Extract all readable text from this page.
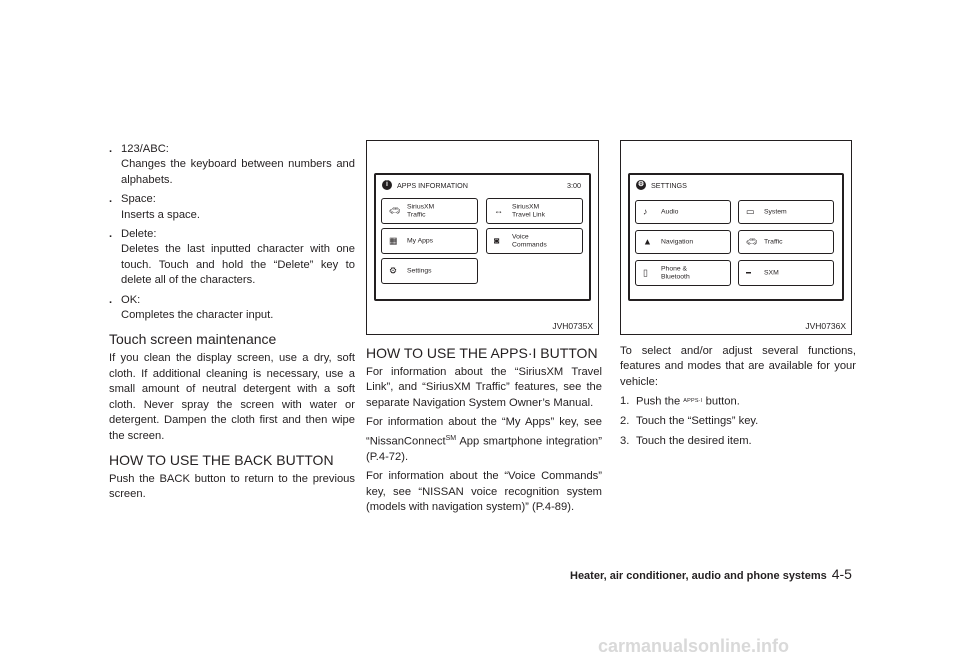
. 123/ABC:
Changes the keyboard between numbers and alphabets.
. Space:
Inserts a space.
. Delete:
Deletes the last inputted character with one touch. Touch and hold the “Delete” key to delete all of the characters.
. OK:
Completes the character input.
Touch screen maintenance

If you clean the display screen, use a dry, soft cloth. If additional cleaning is necessary, use a small amount of neutral detergent with a soft cloth. Never spray the screen with water or detergent. Dampen the cloth first and then wipe the screen.

HOW TO USE THE BACK BUTTON

Push the BACK button to return to the previous screen.

i	APPS INFORMATION	3:00
🚗︎ SiriusXM Traffic	↔ SiriusXM Travel Link
▦ My Apps	◙ Voice Commands
⚙ Settings
JVH0735X
⚙ SETTINGS
♪ Audio	▭ System
▲ Navigation	🚗︎ Traffic
▯ Phone & Bluetooth
▬ SXM
JVH0736X
HOW TO USE THE APPS·I BUTTON

For information about the “SiriusXM Travel Link”, and “SiriusXM Traffic” features, see the separate Navigation System Owner’s Manual.

For information about the “My Apps” key, see “NissanConnect℠ App smartphone integration” (P.4-72).

For information about the “Voice Commands” key, see “NISSAN voice recognition system (models with navigation system)” (P.4-89).

To select and/or adjust several functions, features and modes that are available for your vehicle:

1. Push the APPS·I button.
2. Touch the “Settings” key.
3. Touch the desired item.
Heater, air conditioner, audio and phone systems 4-5
carmanualsonline.info
